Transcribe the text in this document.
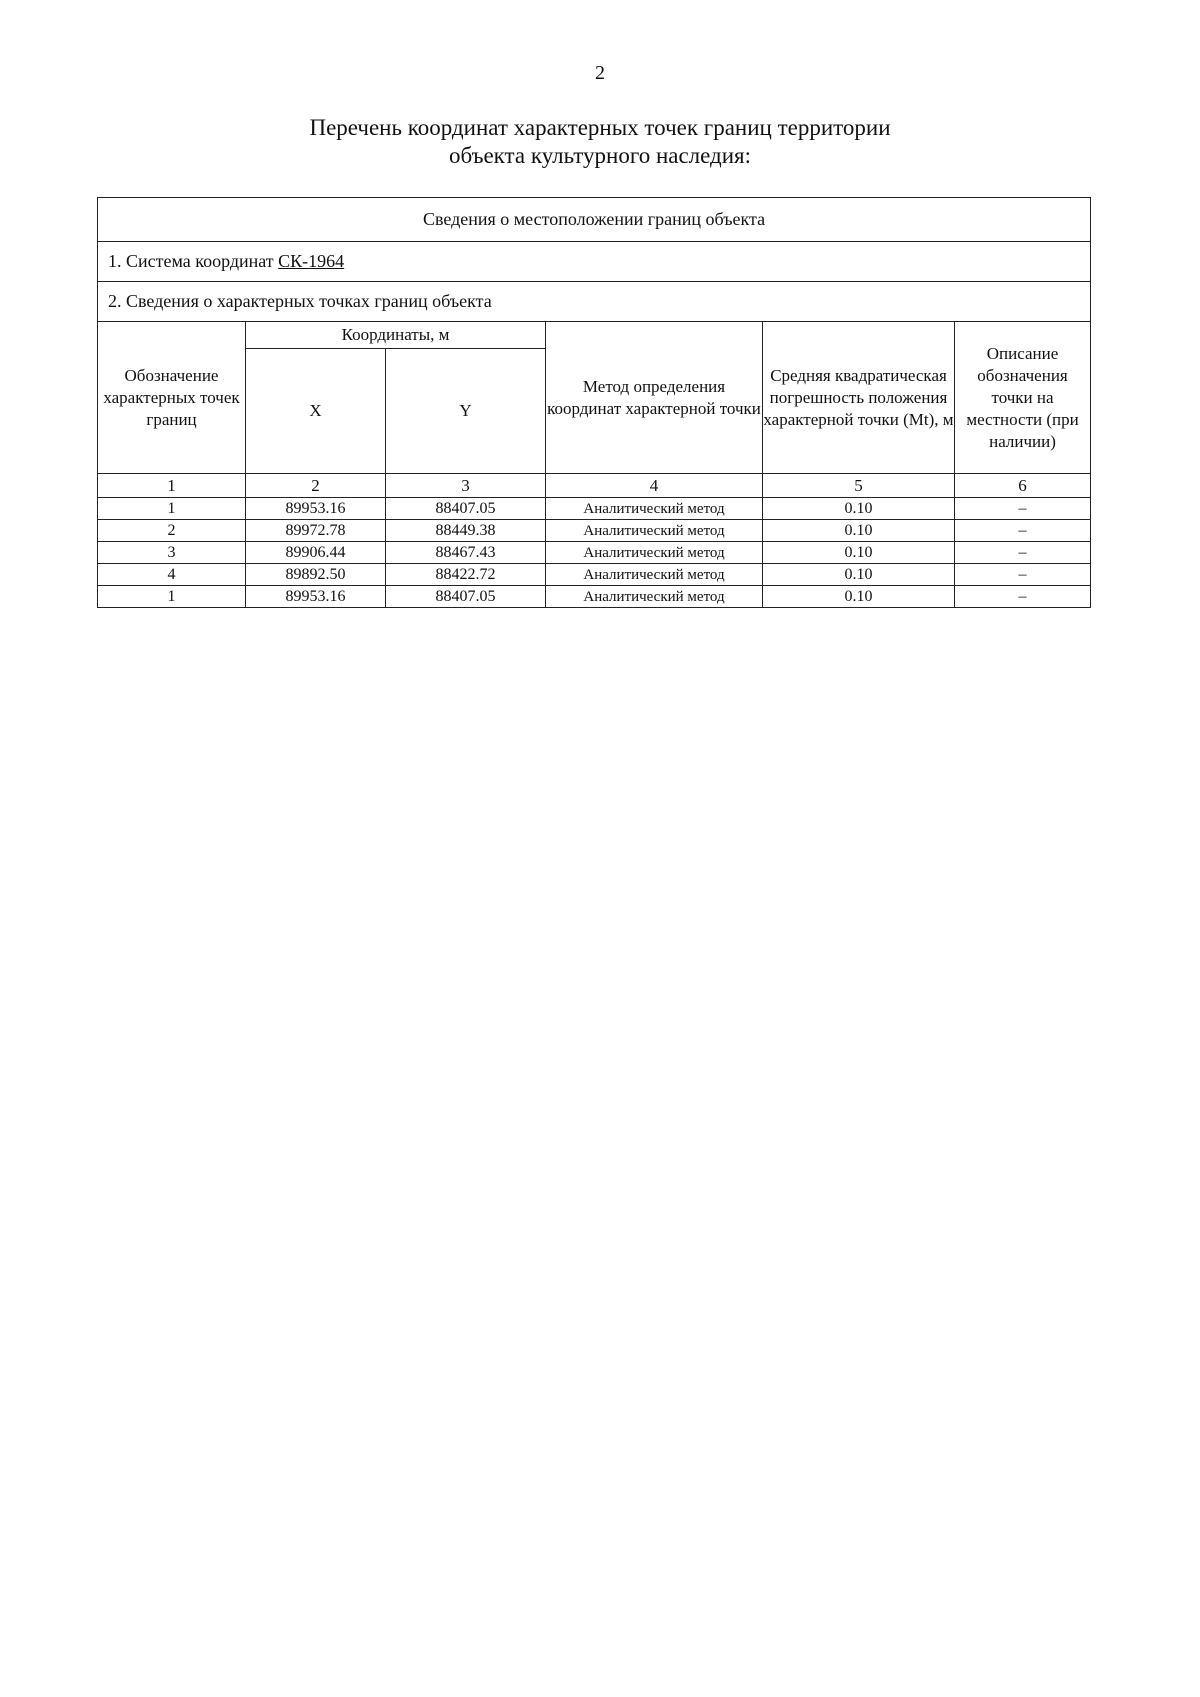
2
Перечень координат характерных точек границ территории
объекта культурного наследия:
Сведения о местоположении границ объекта					
1. Система координат СК-1964					
2. Сведения о характерных точках границ объекта					
Обозначение характерных точек границ	Координаты, м		Метод определения координат характерной точки	Средняя квадратическая погрешность положения характерной точки (Mt), м	Описание обозначения точки на местности (при наличии)
	X	Y			
1	2	3	4	5	6
1	89953.16	88407.05	Аналитический метод	0.10	–
2	89972.78	88449.38	Аналитический метод	0.10	–
3	89906.44	88467.43	Аналитический метод	0.10	–
4	89892.50	88422.72	Аналитический метод	0.10	–
1	89953.16	88407.05	Аналитический метод	0.10	–
